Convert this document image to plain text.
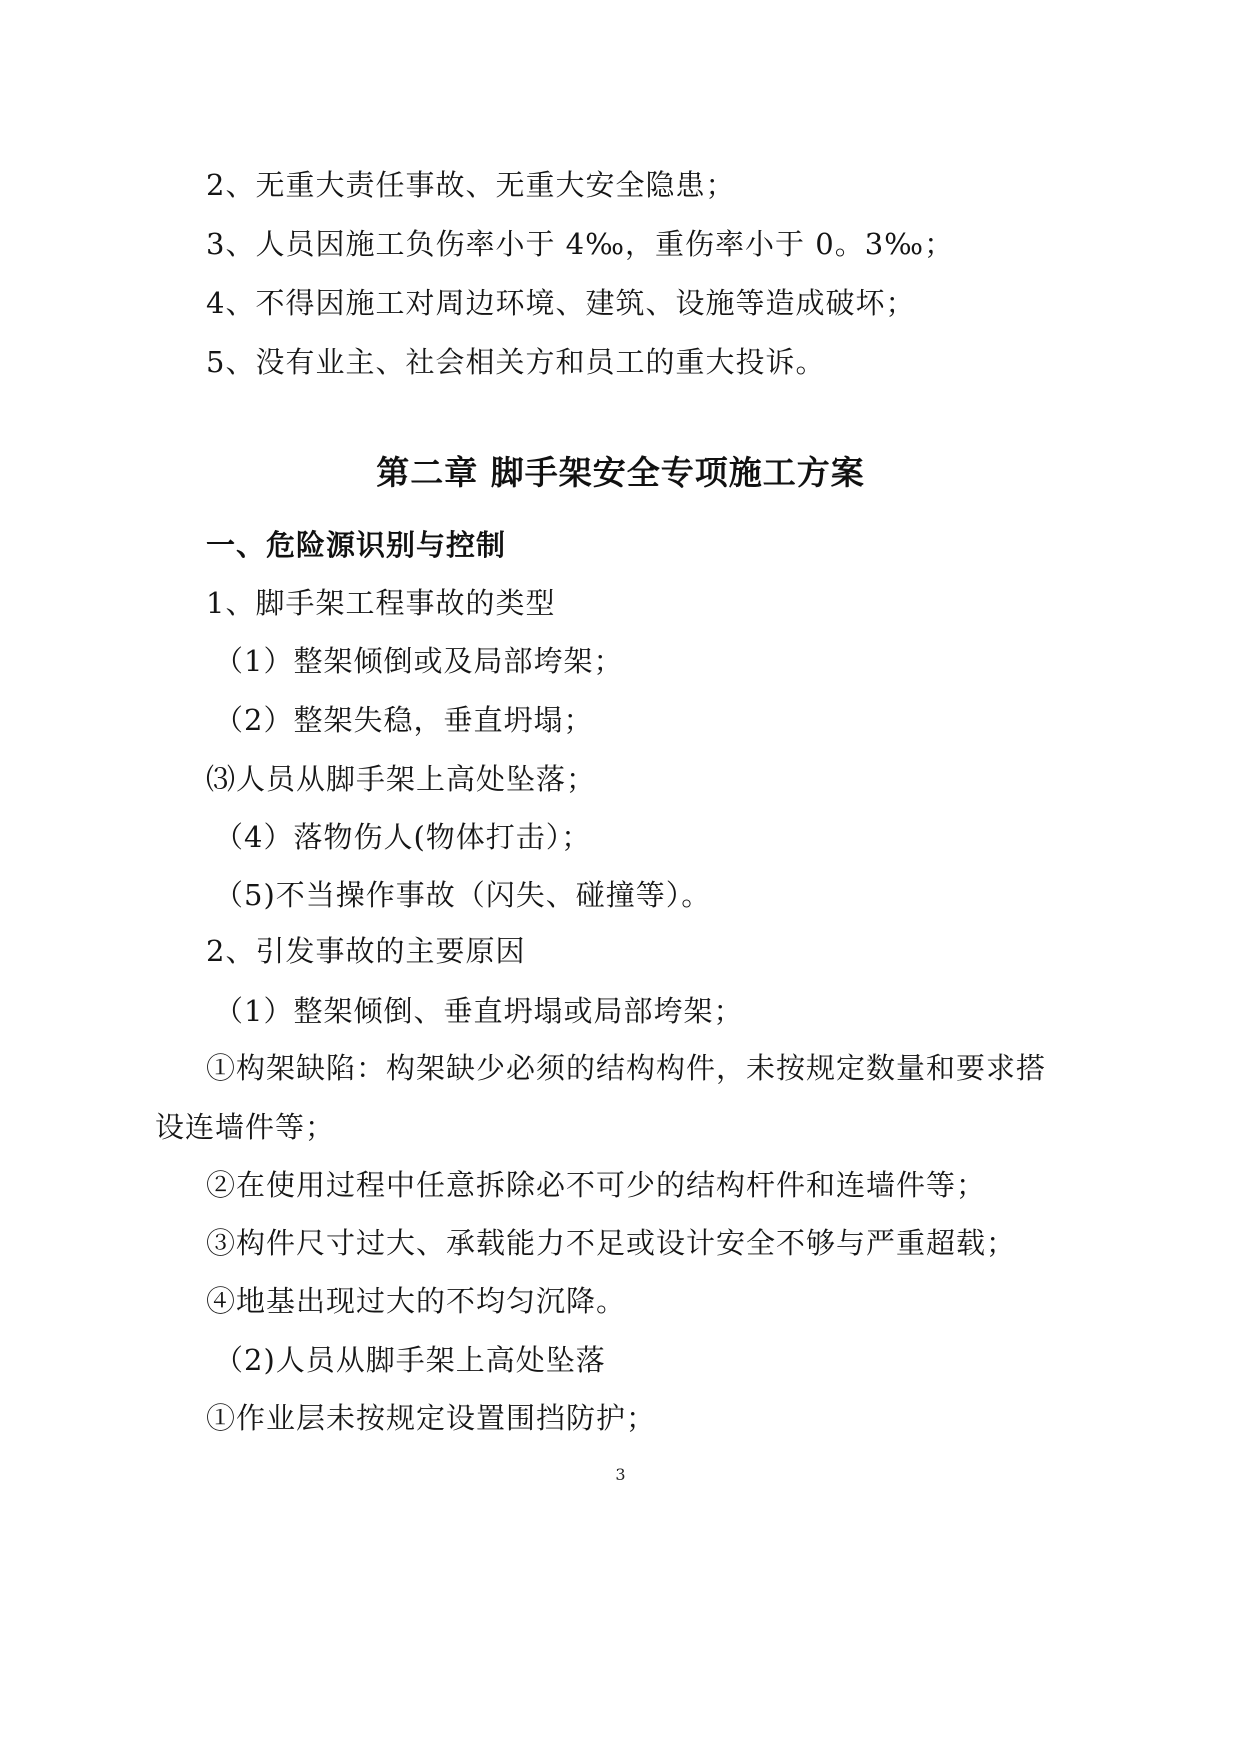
2、无重大责任事故、无重大安全隐患；
3、人员因施工负伤率小于 4‰，重伤率小于 0。3‰；
4、不得因施工对周边环境、建筑、设施等造成破坏；
5、没有业主、社会相关方和员工的重大投诉。
第二章 脚手架安全专项施工方案
一、危险源识别与控制
1、脚手架工程事故的类型
（1）整架倾倒或及局部垮架；
（2）整架失稳，垂直坍塌；
⑶人员从脚手架上高处坠落；
（4）落物伤人(物体打击）；
（5)不当操作事故（闪失、碰撞等）。
2、引发事故的主要原因
（1）整架倾倒、垂直坍塌或局部垮架；
①构架缺陷：构架缺少必须的结构构件，未按规定数量和要求搭
设连墙件等；
②在使用过程中任意拆除必不可少的结构杆件和连墙件等；
③构件尺寸过大、承载能力不足或设计安全不够与严重超载；
④地基出现过大的不均匀沉降。
（2)人员从脚手架上高处坠落
①作业层未按规定设置围挡防护；
3
